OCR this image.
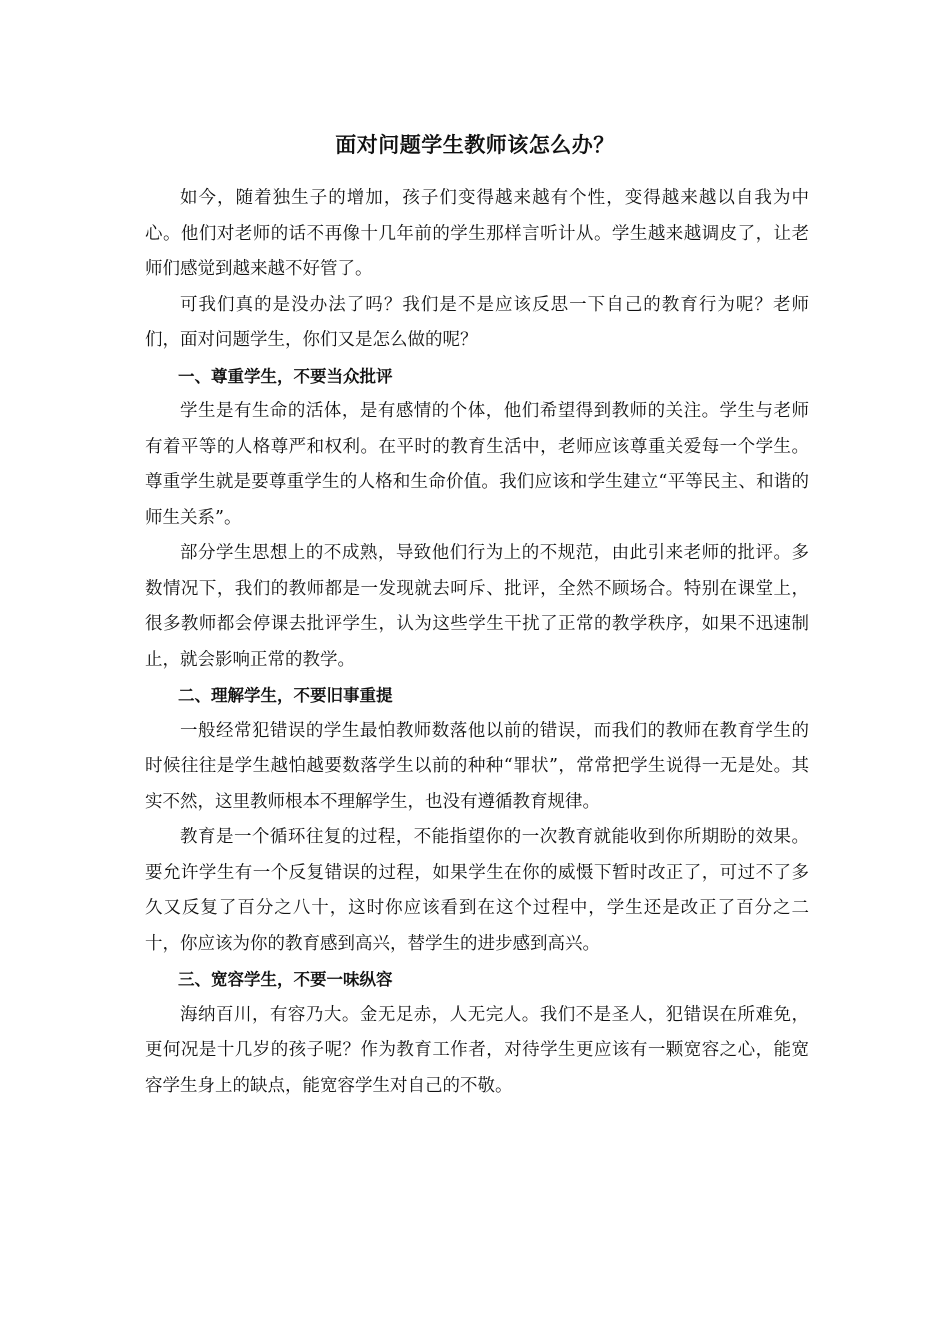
面对问题学生教师该怎么办？

如今，随着独生子的增加，孩子们变得越来越有个性，变得越来越以自我为中心。他们对老师的话不再像十几年前的学生那样言听计从。学生越来越调皮了，让老师们感觉到越来越不好管了。

可我们真的是没办法了吗？我们是不是应该反思一下自己的教育行为呢？老师们，面对问题学生，你们又是怎么做的呢？

一、尊重学生，不要当众批评

学生是有生命的活体，是有感情的个体，他们希望得到教师的关注。学生与老师有着平等的人格尊严和权利。在平时的教育生活中，老师应该尊重关爱每一个学生。尊重学生就是要尊重学生的人格和生命价值。我们应该和学生建立“平等民主、和谐的师生关系”。

部分学生思想上的不成熟，导致他们行为上的不规范，由此引来老师的批评。多数情况下，我们的教师都是一发现就去呵斥、批评，全然不顾场合。特别在课堂上，很多教师都会停课去批评学生，认为这些学生干扰了正常的教学秩序，如果不迅速制止，就会影响正常的教学。

二、理解学生，不要旧事重提

一般经常犯错误的学生最怕教师数落他以前的错误，而我们的教师在教育学生的时候往往是学生越怕越要数落学生以前的种种“罪状”，常常把学生说得一无是处。其实不然，这里教师根本不理解学生，也没有遵循教育规律。

教育是一个循环往复的过程，不能指望你的一次教育就能收到你所期盼的效果。要允许学生有一个反复错误的过程，如果学生在你的威慑下暂时改正了，可过不了多久又反复了百分之八十，这时你应该看到在这个过程中，学生还是改正了百分之二十，你应该为你的教育感到高兴，替学生的进步感到高兴。

三、宽容学生，不要一味纵容

海纳百川，有容乃大。金无足赤，人无完人。我们不是圣人，犯错误在所难免，更何况是十几岁的孩子呢？作为教育工作者，对待学生更应该有一颗宽容之心，能宽容学生身上的缺点，能宽容学生对自己的不敬。
